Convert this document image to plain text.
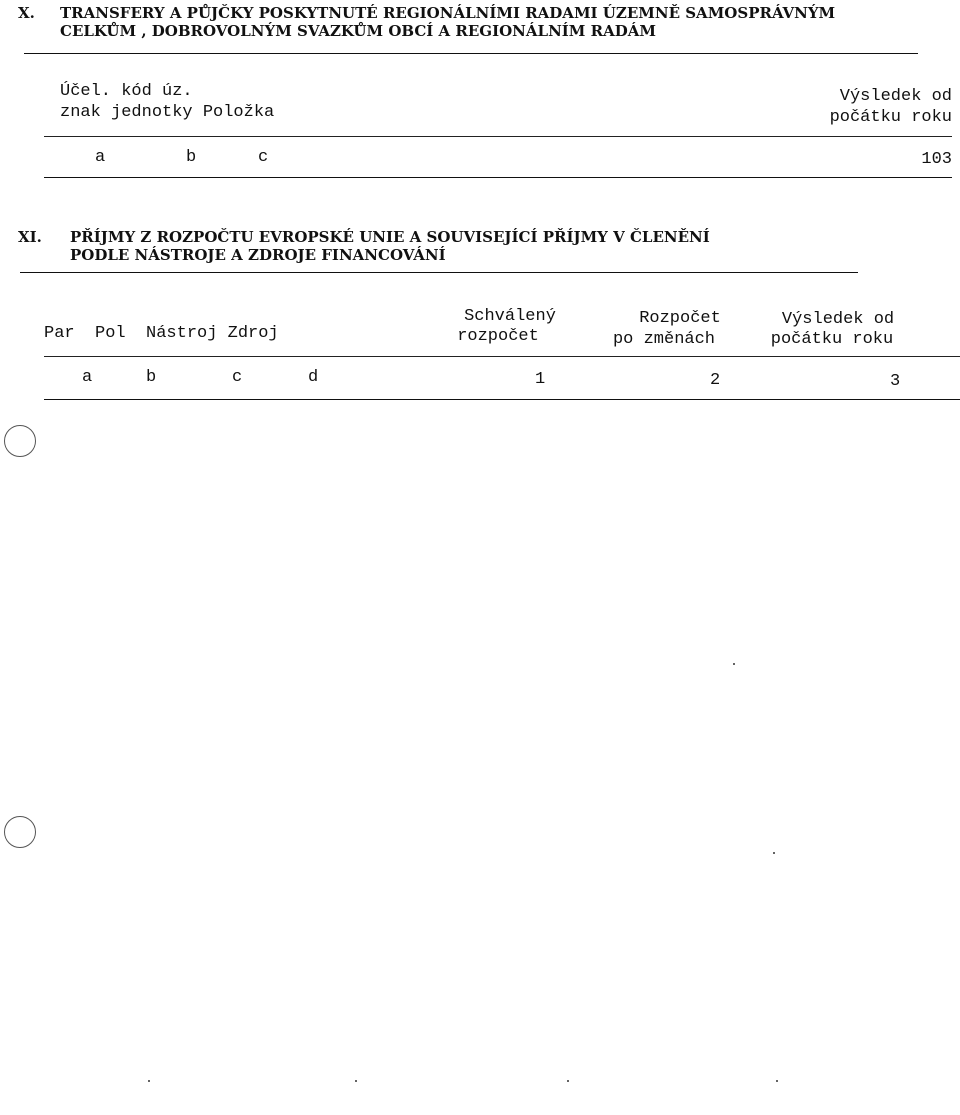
X. TRANSFERY A PŮJČKY POSKYTNUTÉ REGIONÁLNÍMI RADAMI ÚZEMNĚ SAMOSPRÁVNÝM
CELKŮM , DOBROVOLNÝM SVAZKŮM OBCÍ A REGIONÁLNÍM RADÁM
Účel. kód úz.
znak jednotky Položka
Výsledek od
počátku roku
a	b	c	103
XI. PŘÍJMY Z ROZPOČTU EVROPSKÉ UNIE A SOUVISEJÍCÍ PŘÍJMY V ČLENĚNÍ
PODLE NÁSTROJE A ZDROJE FINANCOVÁNÍ
Par  Pol  Nástroj Zdroj
Schválený
rozpočet
Rozpočet
po změnách
Výsledek od
počátku roku
a	b	c	d	1	2	3
